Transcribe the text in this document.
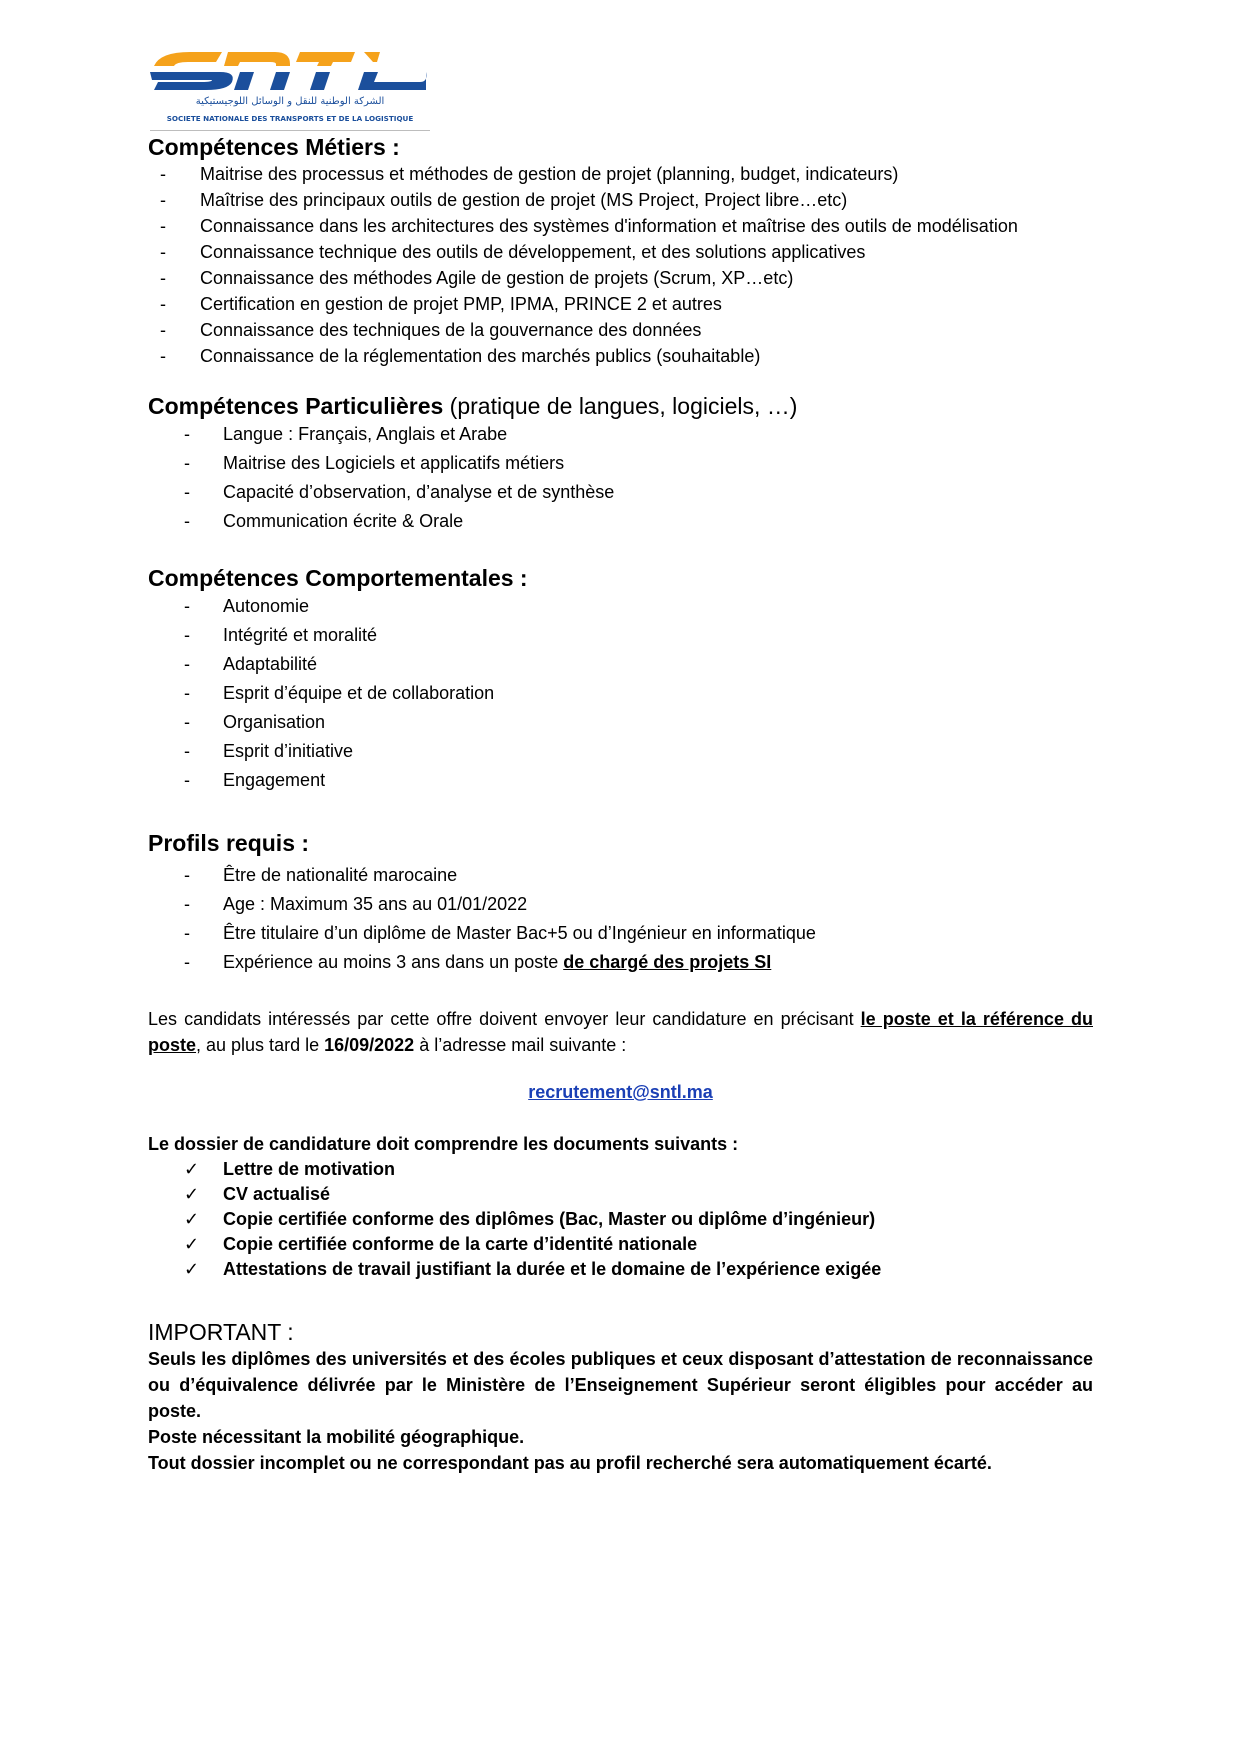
الشركة الوطنية للنقل و الوسائل اللوجيستيكية
SOCIETE NATIONALE DES TRANSPORTS ET DE LA LOGISTIQUE
Compétences Métiers :
- Maitrise des processus et méthodes de gestion de projet (planning, budget, indicateurs)
- Maîtrise des principaux outils de gestion de projet (MS Project, Project libre…etc)
- Connaissance dans les architectures des systèmes d'information et maîtrise des outils de modélisation
- Connaissance technique des outils de développement, et des solutions applicatives
- Connaissance des méthodes Agile de gestion de projets (Scrum, XP…etc)
- Certification en gestion de projet PMP, IPMA, PRINCE 2 et autres
- Connaissance des techniques de la gouvernance des données
- Connaissance de la réglementation des marchés publics (souhaitable)
Compétences Particulières (pratique de langues, logiciels, …)
- Langue : Français, Anglais et Arabe
- Maitrise des Logiciels et applicatifs métiers
- Capacité d’observation, d’analyse et de synthèse
- Communication écrite & Orale
Compétences Comportementales :
- Autonomie
- Intégrité et moralité
- Adaptabilité
- Esprit d’équipe et de collaboration
- Organisation
- Esprit d’initiative
- Engagement
Profils requis :
- Être de nationalité marocaine
- Age : Maximum 35 ans au 01/01/2022
- Être titulaire d’un diplôme de Master Bac+5 ou d’Ingénieur en informatique
- Expérience au moins 3 ans dans un poste de chargé des projets SI

Les candidats intéressés par cette offre doivent envoyer leur candidature en précisant le poste et la référence du poste, au plus tard le 16/09/2022 à l’adresse mail suivante :

recrutement@sntl.ma

Le dossier de candidature doit comprendre les documents suivants :

✓ Lettre de motivation
✓ CV actualisé
✓ Copie certifiée conforme des diplômes (Bac, Master ou diplôme d’ingénieur)
✓ Copie certifiée conforme de la carte d’identité nationale
✓ Attestations de travail justifiant la durée et le domaine de l’expérience exigée
IMPORTANT :

Seuls les diplômes des universités et des écoles publiques et ceux disposant d’attestation de reconnaissance ou d’équivalence délivrée par le Ministère de l’Enseignement Supérieur seront éligibles pour accéder au poste.

Poste nécessitant la mobilité géographique.

Tout dossier incomplet ou ne correspondant pas au profil recherché sera automatiquement écarté.
